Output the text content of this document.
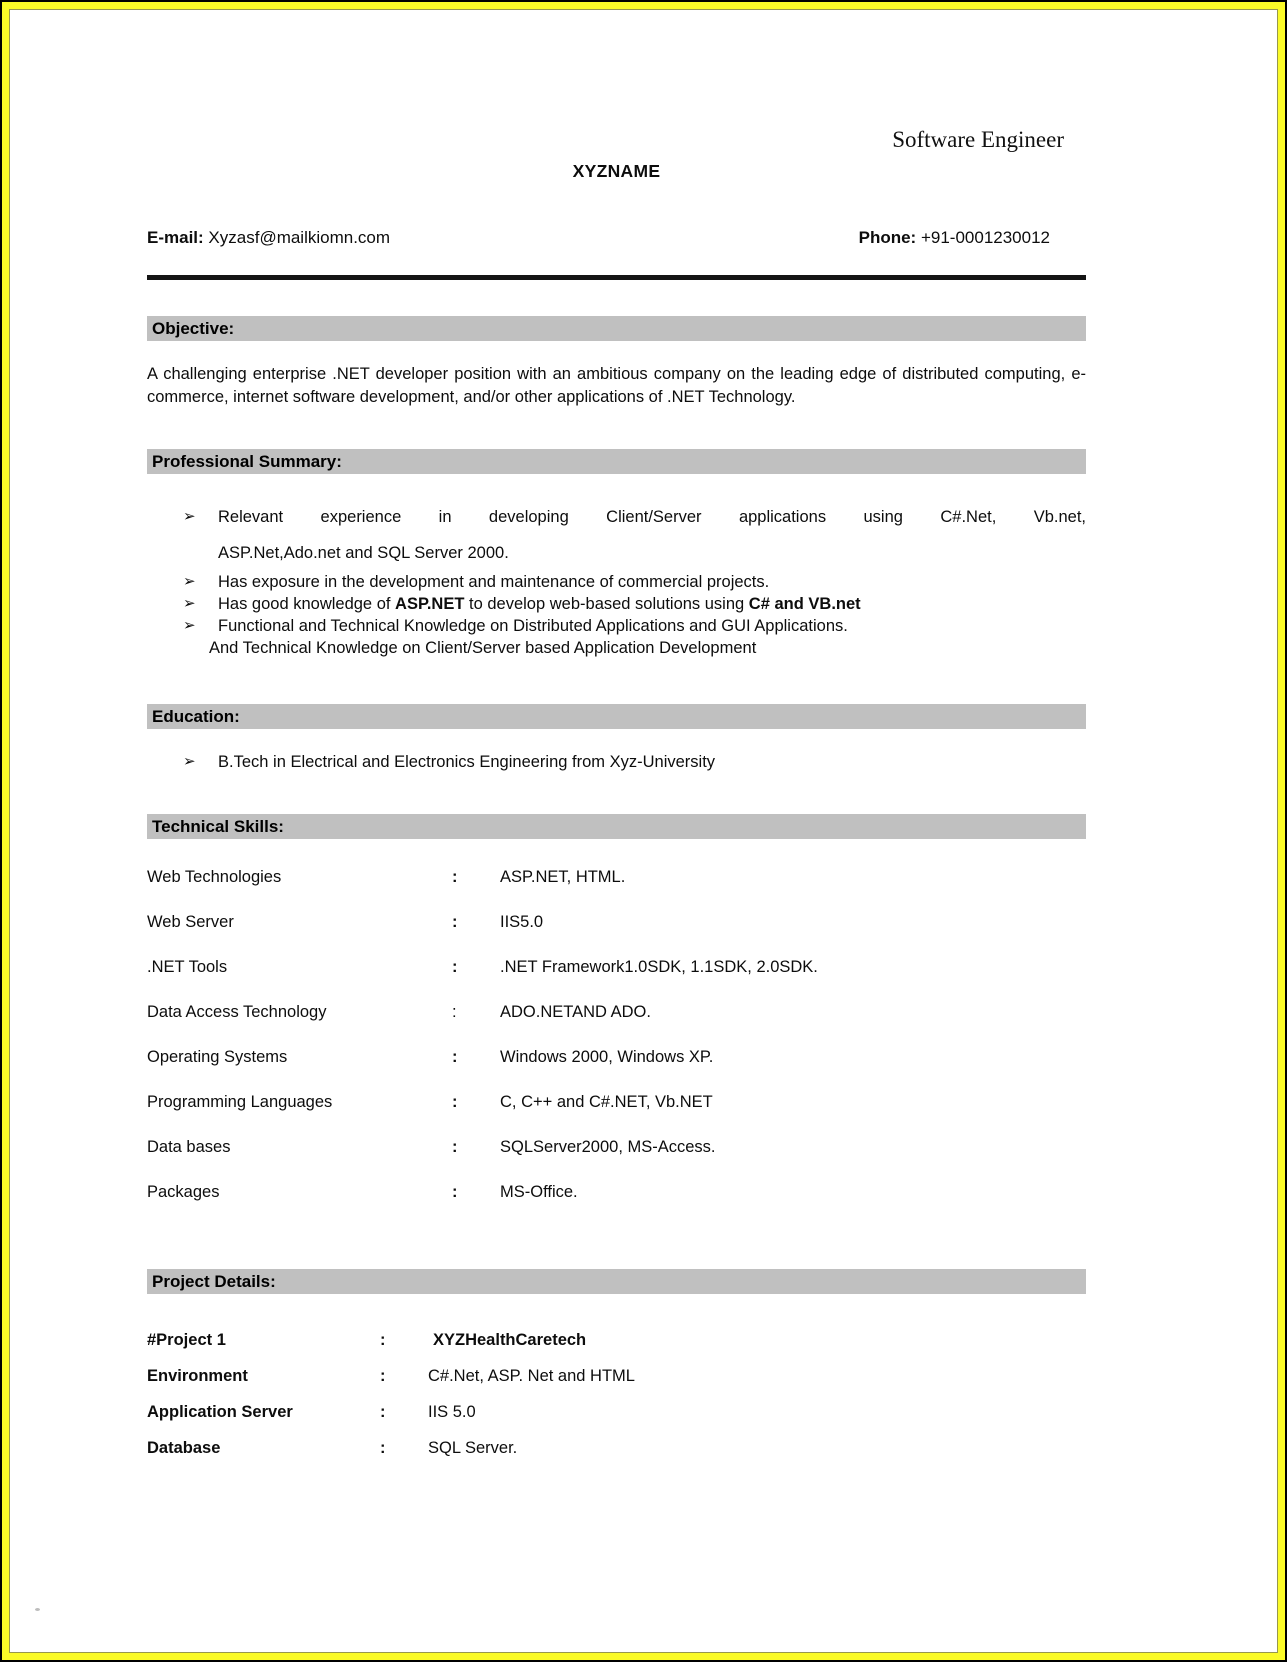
Software Engineer
XYZNAME
E-mail: Xyzasf@mailkiomn.com	Phone: +91-0001230012
Objective:
A challenging enterprise .NET developer position with an ambitious company on the leading edge of distributed computing, e-commerce, internet software development, and/or other applications of .NET Technology.
Professional Summary:
➢	Relevant experience in developing Client/Server applications using C#.Net, Vb.net,
ASP.Net,Ado.net and SQL Server 2000.
➢	Has exposure in the development and maintenance of commercial projects.
➢	Has good knowledge of ASP.NET to develop web-based solutions using C# and VB.net
➢	Functional and Technical Knowledge on Distributed Applications and GUI Applications.
And Technical Knowledge on Client/Server based Application Development
Education:
➢	B.Tech in Electrical and Electronics Engineering from Xyz-University
Technical Skills:
Web Technologies	:	ASP.NET, HTML.
Web Server	:	IIS5.0
.NET Tools	:	.NET Framework1.0SDK, 1.1SDK, 2.0SDK.
Data Access Technology	:	ADO.NETAND ADO.
Operating Systems	:	Windows 2000, Windows XP.
Programming Languages	:	C, C++ and C#.NET, Vb.NET
Data bases	:	SQLServer2000, MS-Access.
Packages	:	MS-Office.
Project Details:
#Project 1	:	XYZHealthCaretech
Environment	:	C#.Net, ASP. Net and HTML
Application Server	:	IIS 5.0
Database	:	SQL Server.
